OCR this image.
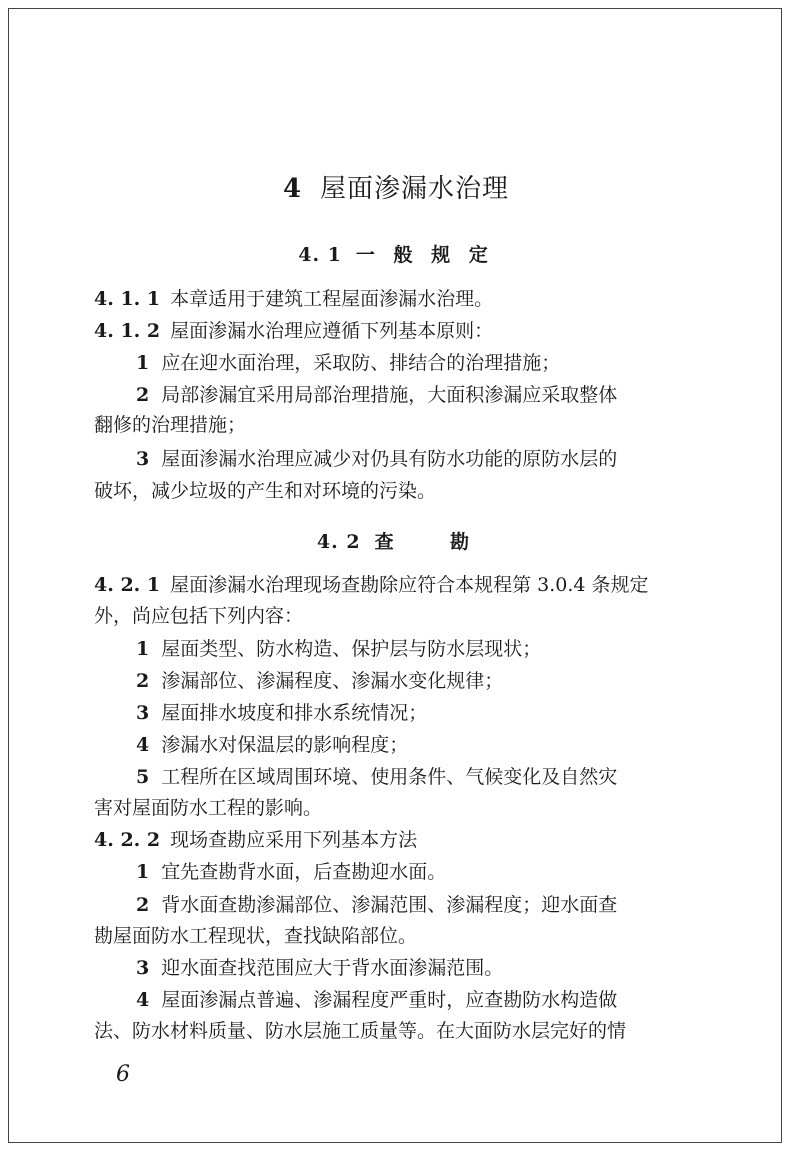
4 屋面渗漏水治理
4. 1 一 般 规 定
4. 1. 1 本章适用于建筑工程屋面渗漏水治理。
4. 1. 2 屋面渗漏水治理应遵循下列基本原则：
1 应在迎水面治理，采取防、排结合的治理措施；
2 局部渗漏宜采用局部治理措施，大面积渗漏应采取整体
翻修的治理措施；
3 屋面渗漏水治理应减少对仍具有防水功能的原防水层的
破坏，减少垃圾的产生和对环境的污染。
4. 2 查    勘
4. 2. 1 屋面渗漏水治理现场查勘除应符合本规程第 3.0.4 条规定
外，尚应包括下列内容：
1 屋面类型、防水构造、保护层与防水层现状；
2 渗漏部位、渗漏程度、渗漏水变化规律；
3 屋面排水坡度和排水系统情况；
4 渗漏水对保温层的影响程度；
5 工程所在区域周围环境、使用条件、气候变化及自然灾
害对屋面防水工程的影响。
4. 2. 2 现场查勘应采用下列基本方法
1 宜先查勘背水面，后查勘迎水面。
2 背水面查勘渗漏部位、渗漏范围、渗漏程度；迎水面查
勘屋面防水工程现状，查找缺陷部位。
3 迎水面查找范围应大于背水面渗漏范围。
4 屋面渗漏点普遍、渗漏程度严重时，应查勘防水构造做
法、防水材料质量、防水层施工质量等。在大面防水层完好的情
6
